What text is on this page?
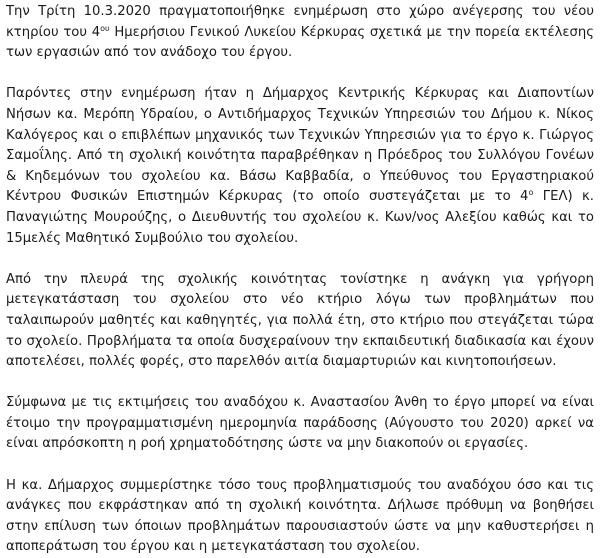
Την Τρίτη 10.3.2020 πραγματοποιήθηκε ενημέρωση στο χώρο ανέγερσης του νέου κτηρίου του $4^{o\upsilon}$ Ημερήσιου Γενικού Λυκείου Κέρκυρας σχετικά με την πορεία εκτέλεσης των εργασιών από τον ανάδοχο του έργου.

Παρόντες στην ενημέρωση ήταν η Δήμαρχος Κεντρικής Κέρκυρας και Διαποντίων Νήσων κα. Μερόπη Υδραίου, ο Αντιδήμαρχος Τεχνικών Υπηρεσιών του Δήμου κ. Νίκος Καλόγερος και ο επιβλέπων μηχανικός των Τεχνικών Υπηρεσιών για το έργο κ. Γιώργος Σαμοΐλης. Από τη σχολική κοινότητα παραβρέθηκαν η Πρόεδρος του Συλλόγου Γονέων & Κηδεμόνων του σχολείου κα. Βάσω Καββαδία, ο Υπεύθυνος του Εργαστηριακού Κέντρου Φυσικών Επιστημών Κέρκυρας (το οποίο συστεγάζεται με το $4^o$ ΓΕΛ) κ. Παναγιώτης Μουρούζης, ο Διευθυντής του σχολείου κ. Κων/νος Αλεξίου καθώς και το 15μελές Μαθητικό Συμβούλιο του σχολείου.

Από την πλευρά της σχολικής κοινότητας τονίστηκε η ανάγκη για γρήγορη μετεγκατάσταση του σχολείου στο νέο κτήριο λόγω των προβλημάτων που ταλαιπωρούν μαθητές και καθηγητές, για πολλά έτη, στο κτήριο που στεγάζεται τώρα το σχολείο. Προβλήματα τα οποία δυσχεραίνουν την εκπαιδευτική διαδικασία και έχουν αποτελέσει, πολλές φορές, στο παρελθόν αιτία διαμαρτυριών και κινητοποιήσεων.

Σύμφωνα με τις εκτιμήσεις του αναδόχου κ. Αναστασίου Άνθη το έργο μπορεί να είναι έτοιμο την προγραμματισμένη ημερομηνία παράδοσης (Αύγουστο του 2020) αρκεί να είναι απρόσκοπτη η ροή χρηματοδότησης ώστε να μην διακοπούν οι εργασίες.

Η κα. Δήμαρχος συμμερίστηκε τόσο τους προβληματισμούς του αναδόχου όσο και τις ανάγκες που εκφράστηκαν από τη σχολική κοινότητα. Δήλωσε πρόθυμη να βοηθήσει στην επίλυση των όποιων προβλημάτων παρουσιαστούν ώστε να μην καθυστερήσει η αποπεράτωση του έργου και η μετεγκατάσταση του σχολείου.
